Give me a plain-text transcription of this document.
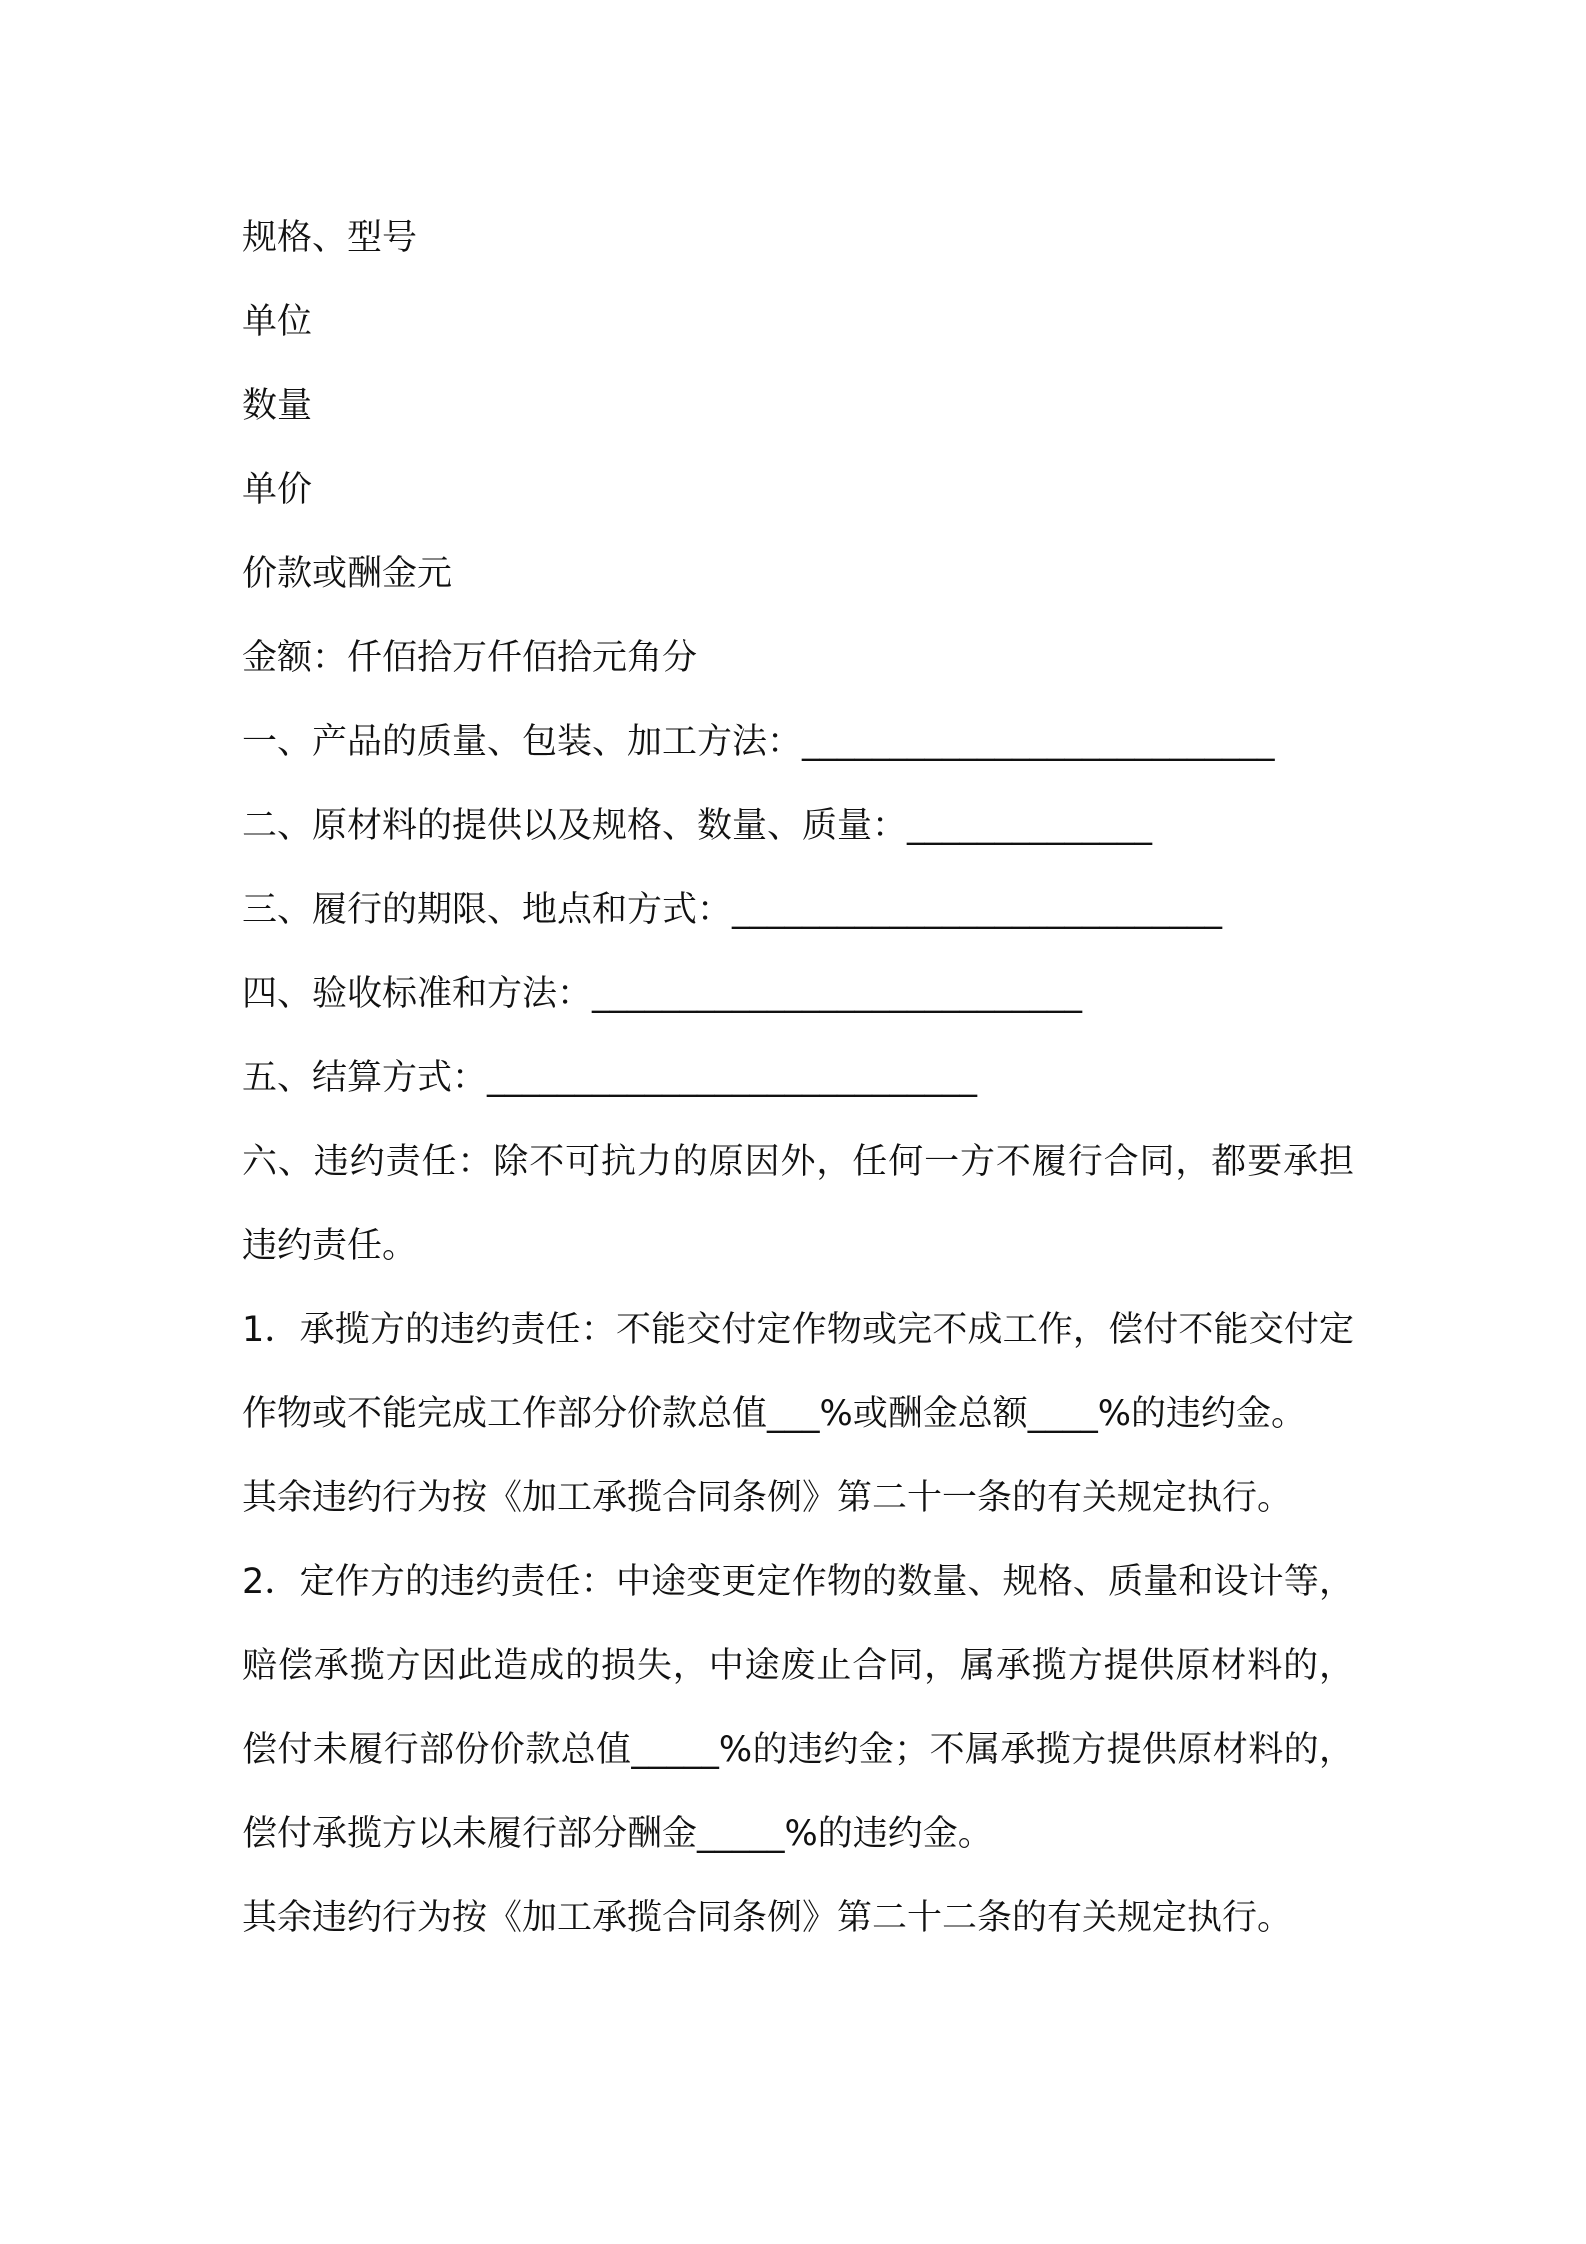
规格、型号
单位
数量
单价
价款或酬金元
金额：仟佰拾万仟佰拾元角分
一、产品的质量、包装、加工方法：___________________________
二、原材料的提供以及规格、数量、质量：______________
三、履行的期限、地点和方式：____________________________
四、验收标准和方法：____________________________
五、结算方式：____________________________
六、违约责任：除不可抗力的原因外，任何一方不履行合同，都要承担违约责任。
1．承揽方的违约责任：不能交付定作物或完不成工作，偿付不能交付定作物或不能完成工作部分价款总值___%或酬金总额____%的违约金。
其余违约行为按《加工承揽合同条例》第二十一条的有关规定执行。
2．定作方的违约责任：中途变更定作物的数量、规格、质量和设计等，赔偿承揽方因此造成的损失，中途废止合同，属承揽方提供原材料的，偿付未履行部份价款总值_____%的违约金；不属承揽方提供原材料的，偿付承揽方以未履行部分酬金_____%的违约金。
其余违约行为按《加工承揽合同条例》第二十二条的有关规定执行。
